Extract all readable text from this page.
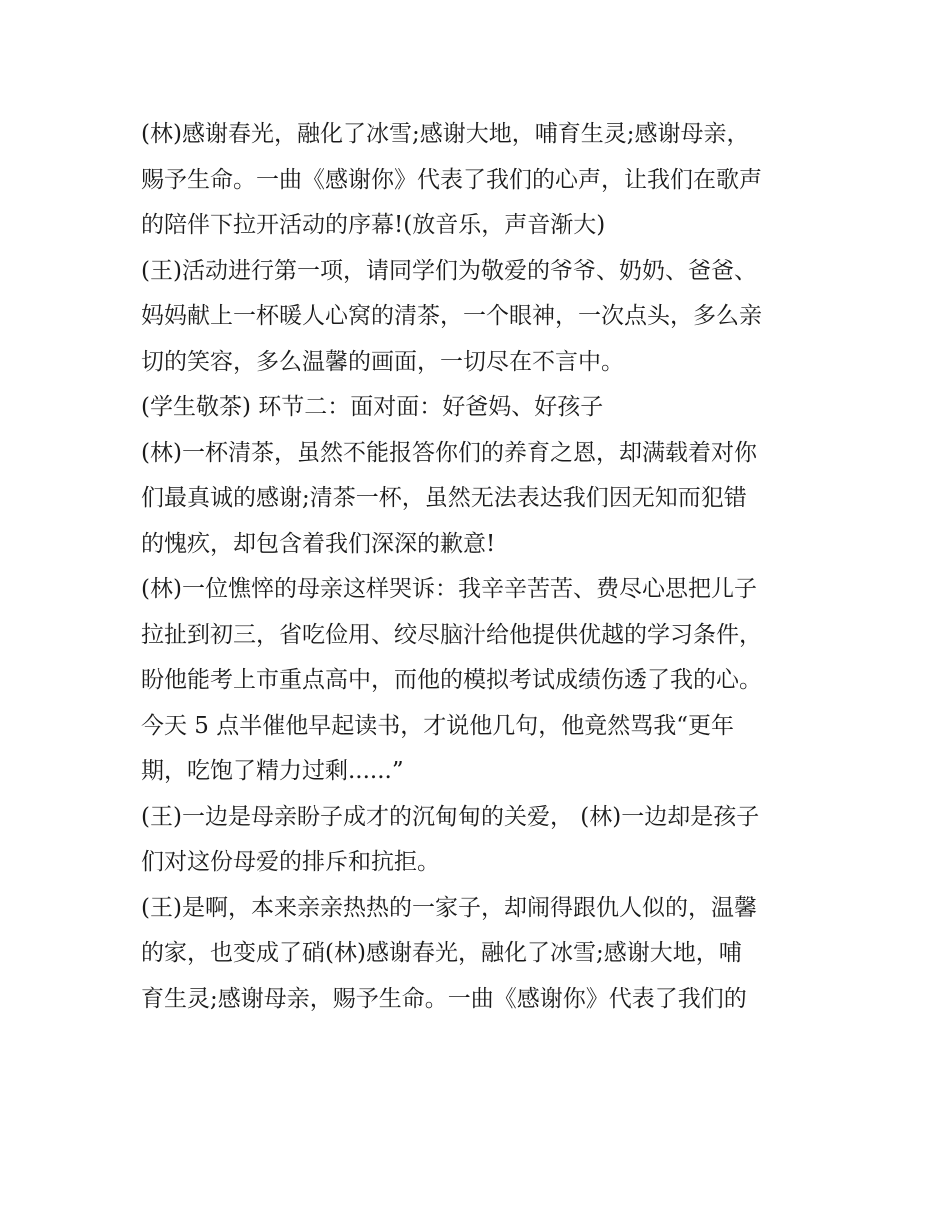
(林)感谢春光，融化了冰雪;感谢大地，哺育生灵;感谢母亲，
赐予生命。一曲《感谢你》代表了我们的心声，让我们在歌声
的陪伴下拉开活动的序幕!(放音乐，声音渐大)
(王)活动进行第一项，请同学们为敬爱的爷爷、奶奶、爸爸、
妈妈献上一杯暖人心窝的清茶，一个眼神，一次点头，多么亲
切的笑容，多么温馨的画面，一切尽在不言中。
(学生敬茶) 环节二：面对面：好爸妈、好孩子
(林)一杯清茶，虽然不能报答你们的养育之恩，却满载着对你
们最真诚的感谢;清茶一杯，虽然无法表达我们因无知而犯错
的愧疚，却包含着我们深深的歉意!
(林)一位憔悴的母亲这样哭诉：我辛辛苦苦、费尽心思把儿子
拉扯到初三，省吃俭用、绞尽脑汁给他提供优越的学习条件，
盼他能考上市重点高中，而他的模拟考试成绩伤透了我的心。
今天 5 点半催他早起读书，才说他几句，他竟然骂我“更年
期，吃饱了精力过剩......”
(王)一边是母亲盼子成才的沉甸甸的关爱， (林)一边却是孩子
们对这份母爱的排斥和抗拒。
(王)是啊，本来亲亲热热的一家子，却闹得跟仇人似的，温馨
的家，也变成了硝(林)感谢春光，融化了冰雪;感谢大地，哺
育生灵;感谢母亲，赐予生命。一曲《感谢你》代表了我们的
